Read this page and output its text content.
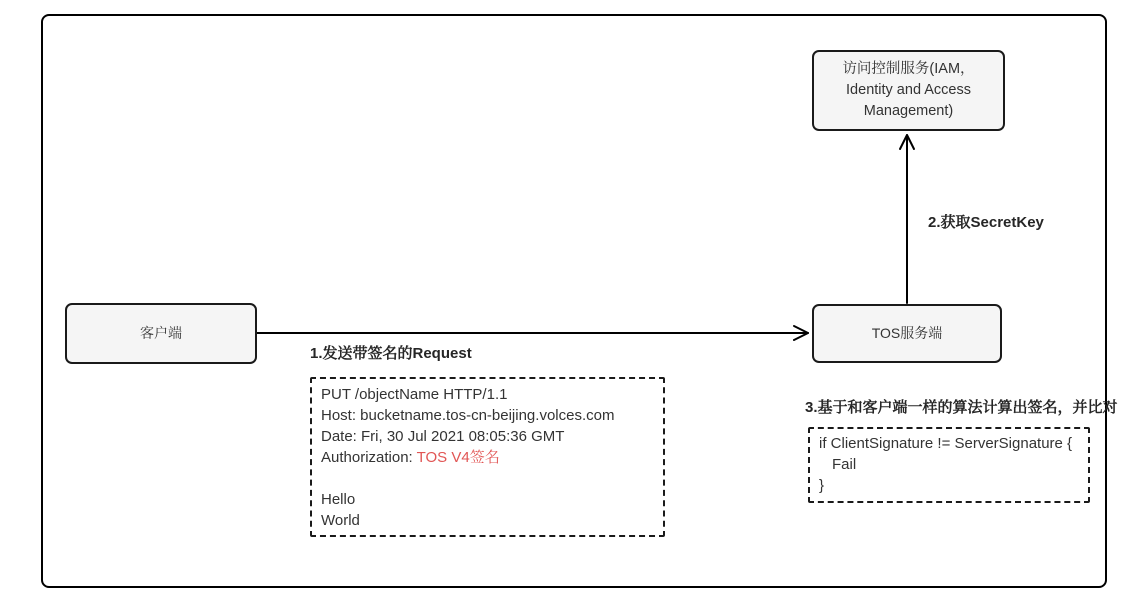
客户端	TOS服务端
访问控制服务(IAM，Identity and Access Management)
1.发送带签名的Request
2.获取SecretKey
3.基于和客户端一样的算法计算出签名，并比对
PUT /objectName HTTP/1.1
Host: bucketname.tos-cn-beijing.volces.com
Date: Fri, 30 Jul 2021 08:05:36 GMT
Authorization: TOS V4签名
Hello
World
if ClientSignature != ServerSignature {
Fail
}
